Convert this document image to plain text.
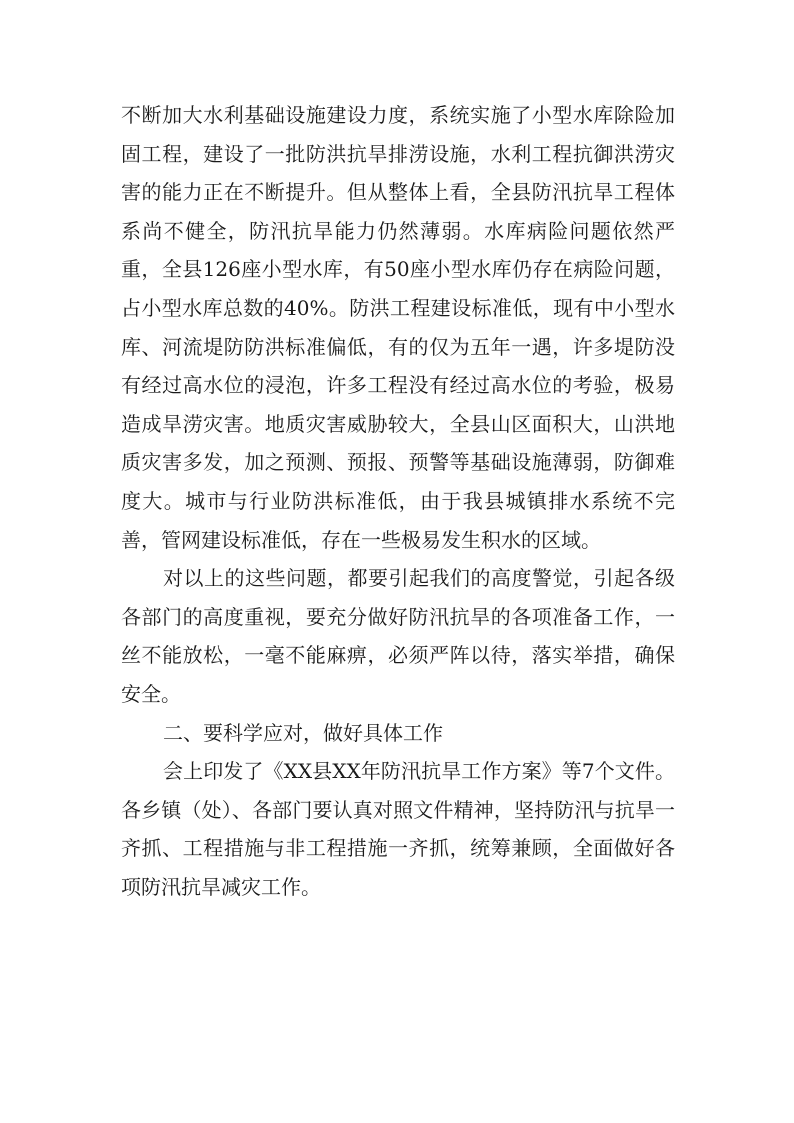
不断加大水利基础设施建设力度，系统实施了小型水库除险加固工程，建设了一批防洪抗旱排涝设施，水利工程抗御洪涝灾害的能力正在不断提升。但从整体上看，全县防汛抗旱工程体系尚不健全，防汛抗旱能力仍然薄弱。水库病险问题依然严重，全县126座小型水库，有50座小型水库仍存在病险问题，占小型水库总数的40%。防洪工程建设标准低，现有中小型水库、河流堤防防洪标准偏低，有的仅为五年一遇，许多堤防没有经过高水位的浸泡，许多工程没有经过高水位的考验，极易造成旱涝灾害。地质灾害威胁较大，全县山区面积大，山洪地质灾害多发，加之预测、预报、预警等基础设施薄弱，防御难度大。城市与行业防洪标准低，由于我县城镇排水系统不完善，管网建设标准低，存在一些极易发生积水的区域。

对以上的这些问题，都要引起我们的高度警觉，引起各级各部门的高度重视，要充分做好防汛抗旱的各项准备工作，一丝不能放松，一毫不能麻痹，必须严阵以待，落实举措，确保安全。

二、要科学应对，做好具体工作

会上印发了《XX县XX年防汛抗旱工作方案》等7个文件。各乡镇（处）、各部门要认真对照文件精神，坚持防汛与抗旱一齐抓、工程措施与非工程措施一齐抓，统筹兼顾，全面做好各项防汛抗旱减灾工作。
